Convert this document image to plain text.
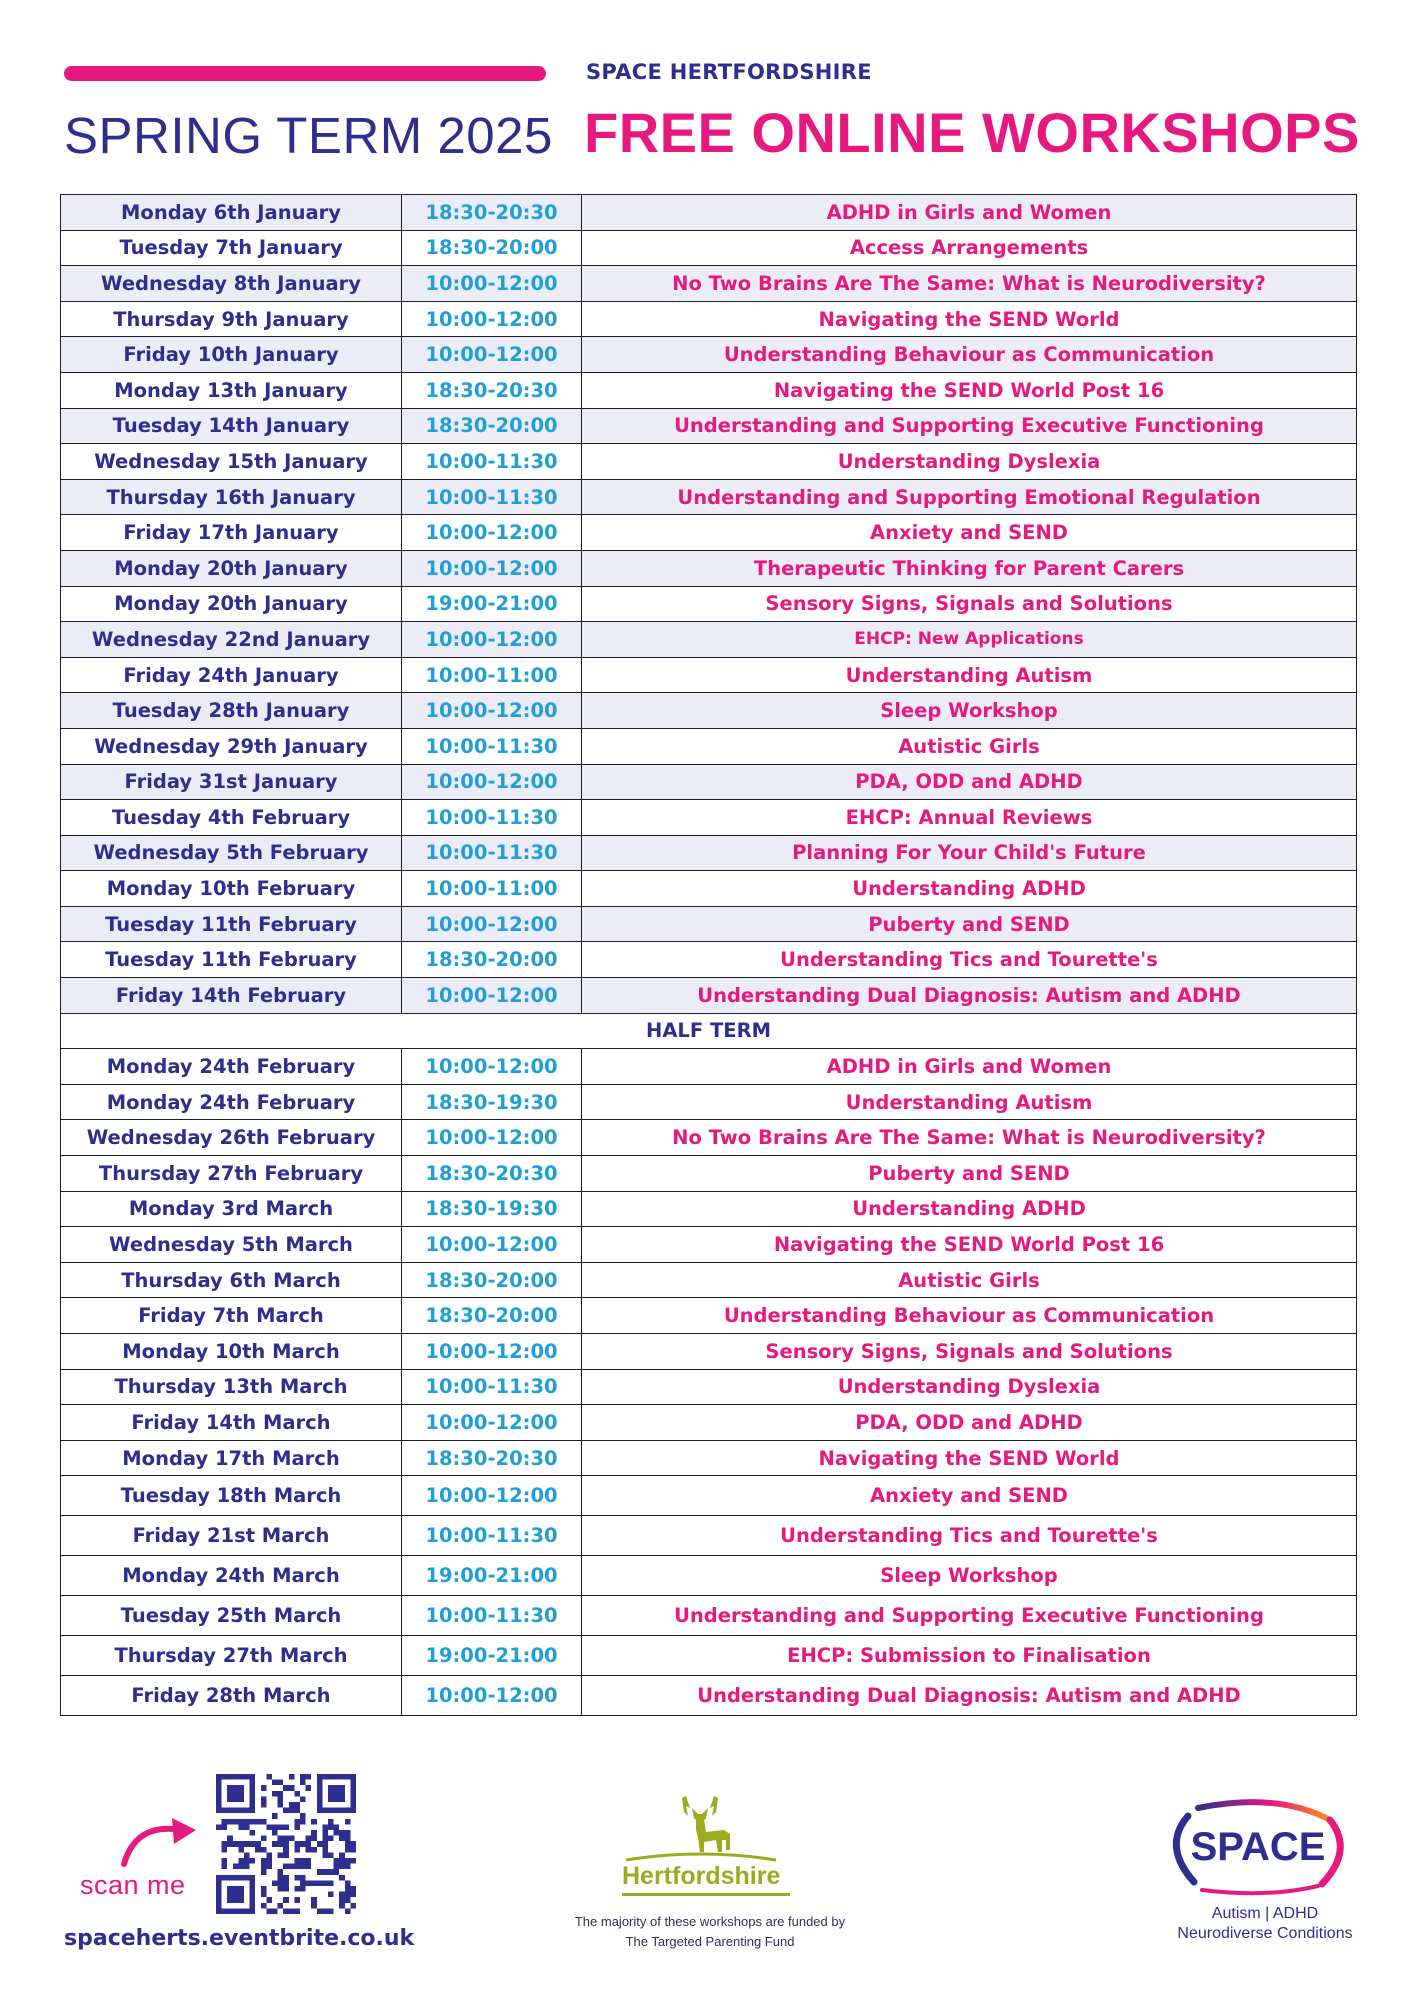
SPACE HERTFORDSHIRE
SPRING TERM 2025 FREE ONLINE WORKSHOPS
Monday 6th January	18:30-20:30	ADHD in Girls and Women
Tuesday 7th January	18:30-20:00	Access Arrangements
Wednesday 8th January	10:00-12:00	No Two Brains Are The Same: What is Neurodiversity?
Thursday 9th January	10:00-12:00	Navigating the SEND World
Friday 10th January	10:00-12:00	Understanding Behaviour as Communication
Monday 13th January	18:30-20:30	Navigating the SEND World Post 16
Tuesday 14th January	18:30-20:00	Understanding and Supporting Executive Functioning
Wednesday 15th January	10:00-11:30	Understanding Dyslexia
Thursday 16th January	10:00-11:30	Understanding and Supporting Emotional Regulation
Friday 17th January	10:00-12:00	Anxiety and SEND
Monday 20th January	10:00-12:00	Therapeutic Thinking for Parent Carers
Monday 20th January	19:00-21:00	Sensory Signs, Signals and Solutions
Wednesday 22nd January	10:00-12:00	EHCP: New Applications
Friday 24th January	10:00-11:00	Understanding Autism
Tuesday 28th January	10:00-12:00	Sleep Workshop
Wednesday 29th January	10:00-11:30	Autistic Girls
Friday 31st January	10:00-12:00	PDA, ODD and ADHD
Tuesday 4th February	10:00-11:30	EHCP: Annual Reviews
Wednesday 5th February	10:00-11:30	Planning For Your Child's Future
Monday 10th February	10:00-11:00	Understanding ADHD
Tuesday 11th February	10:00-12:00	Puberty and SEND
Tuesday 11th February	18:30-20:00	Understanding Tics and Tourette's
Friday 14th February	10:00-12:00	Understanding Dual Diagnosis: Autism and ADHD
HALF TERM		
Monday 24th February	10:00-12:00	ADHD in Girls and Women
Monday 24th February	18:30-19:30	Understanding Autism
Wednesday 26th February	10:00-12:00	No Two Brains Are The Same: What is Neurodiversity?
Thursday 27th February	18:30-20:30	Puberty and SEND
Monday 3rd March	18:30-19:30	Understanding ADHD
Wednesday 5th March	10:00-12:00	Navigating the SEND World Post 16
Thursday 6th March	18:30-20:00	Autistic Girls
Friday 7th March	18:30-20:00	Understanding Behaviour as Communication
Monday 10th March	10:00-12:00	Sensory Signs, Signals and Solutions
Thursday 13th March	10:00-11:30	Understanding Dyslexia
Friday 14th March	10:00-12:00	PDA, ODD and ADHD
Monday 17th March	18:30-20:30	Navigating the SEND World
Tuesday 18th March	10:00-12:00	Anxiety and SEND
Friday 21st March	10:00-11:30	Understanding Tics and Tourette's
Monday 24th March	19:00-21:00	Sleep Workshop
Tuesday 25th March	10:00-11:30	Understanding and Supporting Executive Functioning
Thursday 27th March	19:00-21:00	EHCP: Submission to Finalisation
Friday 28th March	10:00-12:00	Understanding Dual Diagnosis: Autism and ADHD
scan me
spaceherts.eventbrite.co.uk
Hertfordshire
The majority of these workshops are funded by
The Targeted Parenting Fund
SPACE
Autism | ADHD
Neurodiverse Conditions
